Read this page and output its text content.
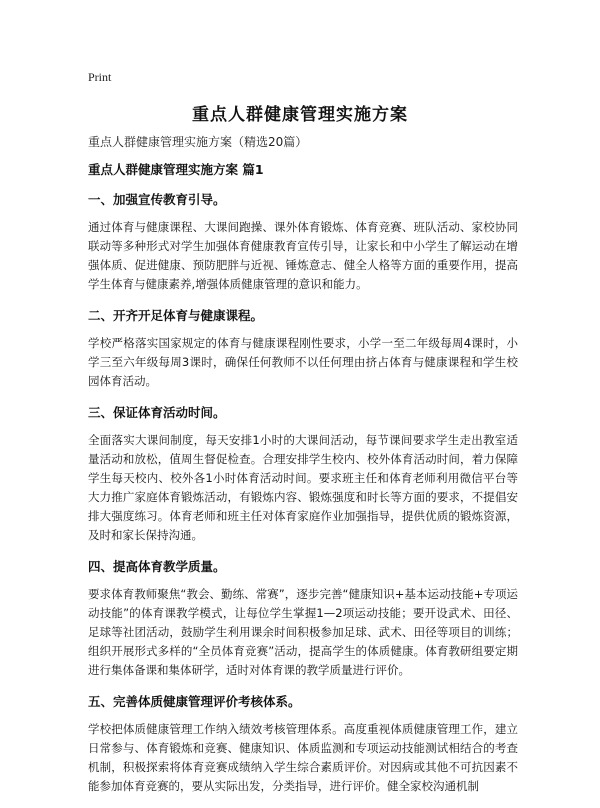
Print
重点人群健康管理实施方案
重点人群健康管理实施方案（精选20篇）
重点人群健康管理实施方案 篇1
一、加强宣传教育引导。

通过体育与健康课程、大课间跑操、课外体育锻炼、体育竞赛、班队活动、家校协同联动等多种形式对学生加强体育健康教育宣传引导，让家长和中小学生了解运动在增强体质、促进健康、预防肥胖与近视、锤炼意志、健全人格等方面的重要作用，提高学生体育与健康素养,增强体质健康管理的意识和能力。

二、开齐开足体育与健康课程。

学校严格落实国家规定的体育与健康课程刚性要求，小学一至二年级每周4课时，小学三至六年级每周3课时，确保任何教师不以任何理由挤占体育与健康课程和学生校园体育活动。

三、保证体育活动时间。

全面落实大课间制度，每天安排1小时的大课间活动，每节课间要求学生走出教室适量活动和放松，值周生督促检查。合理安排学生校内、校外体育活动时间，着力保障学生每天校内、校外各1小时体育活动时间。要求班主任和体育老师利用微信平台等大力推广家庭体育锻炼活动，有锻炼内容、锻炼强度和时长等方面的要求，不提倡安排大强度练习。体育老师和班主任对体育家庭作业加强指导，提供优质的锻炼资源，及时和家长保持沟通。

四、提高体育教学质量。

要求体育教师聚焦“教会、勤练、常赛”，逐步完善“健康知识+基本运动技能+专项运动技能”的体育课教学模式，让每位学生掌握1—2项运动技能；要开设武术、田径、足球等社团活动，鼓励学生利用课余时间积极参加足球、武术、田径等项目的训练；组织开展形式多样的“全员体育竞赛”活动，提高学生的体质健康。体育教研组要定期进行集体备课和集体研学，适时对体育课的教学质量进行评价。

五、完善体质健康管理评价考核体系。

学校把体质健康管理工作纳入绩效考核管理体系。高度重视体质健康管理工作，建立日常参与、体育锻炼和竞赛、健康知识、体质监测和专项运动技能测试相结合的考查机制，积极探索将体育竞赛成绩纳入学生综合素质评价。对因病或其他不可抗因素不能参加体育竞赛的，要从实际出发，分类指导，进行评价。健全家校沟通机制
